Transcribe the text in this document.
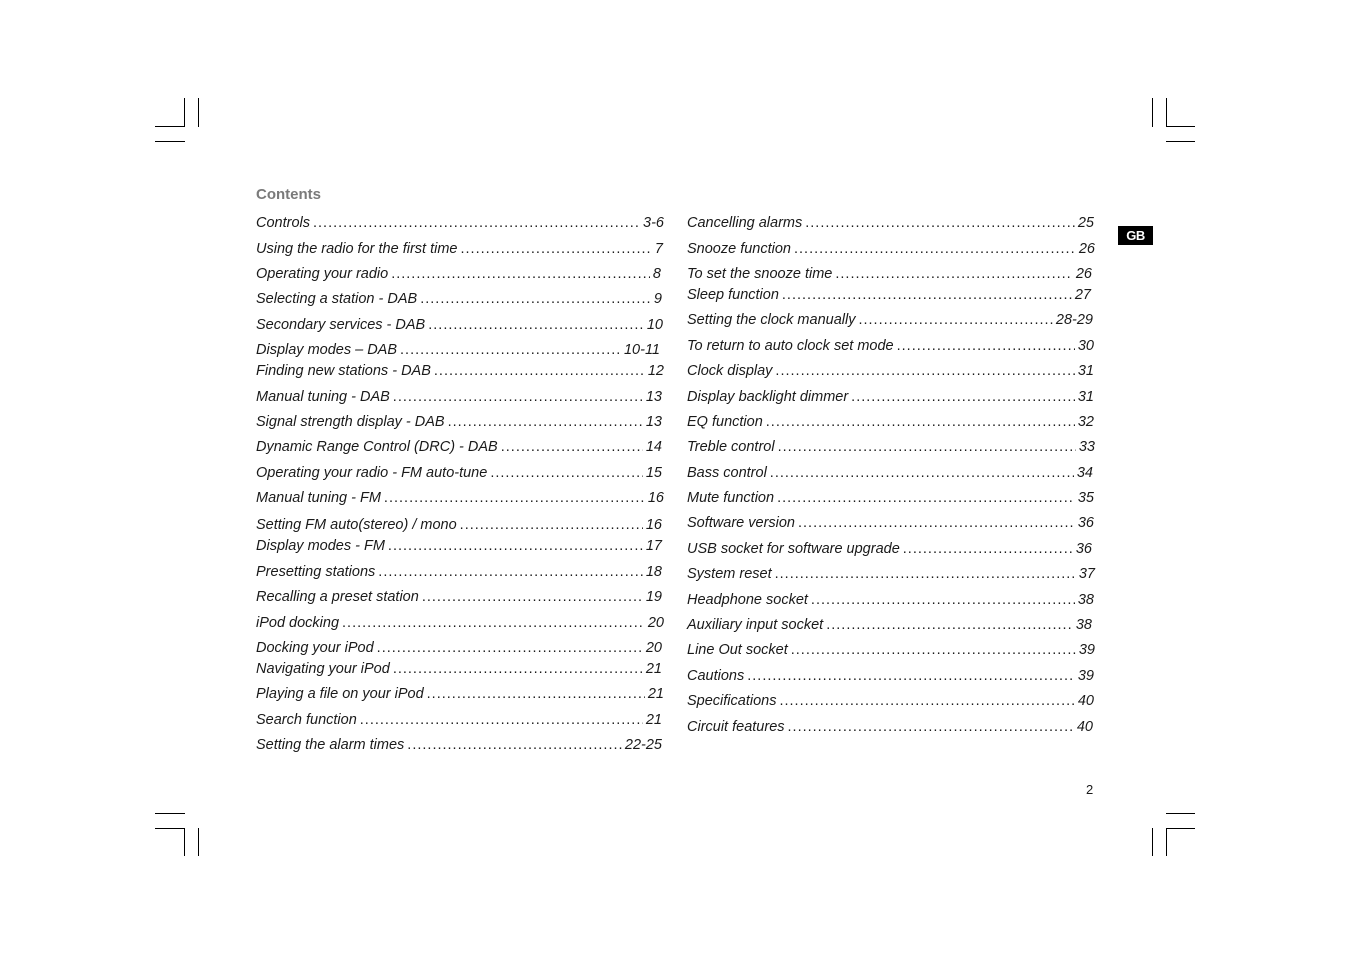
Contents
GB
Controls .....	3-6
Using the radio for the first time .....	7
Operating your radio .....	8
Selecting a station - DAB .....	9
Secondary services - DAB .....	10
Display modes – DAB .....	10-11
Finding new stations - DAB .....	12
Manual tuning - DAB .....	13
Signal strength display - DAB .....	13
Dynamic Range Control (DRC) - DAB .....	14
Operating your radio - FM auto-tune .....	15
Manual tuning - FM .....	16
Setting FM auto(stereo) / mono .....	16
Display modes - FM .....	17
Presetting stations .....	18
Recalling a preset station .....	19
iPod docking .....	20
Docking your iPod .....	20
Navigating your iPod .....	21
Playing a file on your iPod .....	21
Search function .....	21
Setting the alarm times .....	22-25
Cancelling alarms .....	25
Snooze function .....	26
To set the snooze time .....	26
Sleep function .....	27
Setting the clock manually .....	28-29
To return to auto clock set mode .....	30
Clock display .....	31
Display backlight dimmer .....	31
EQ function .....	32
Treble control .....	33
Bass control .....	34
Mute function .....	35
Software version .....	36
USB socket for software upgrade .....	36
System reset .....	37
Headphone socket .....	38
Auxiliary input socket .....	38
Line Out socket .....	39
Cautions .....	39
Specifications .....	40
Circuit features .....	40
2
